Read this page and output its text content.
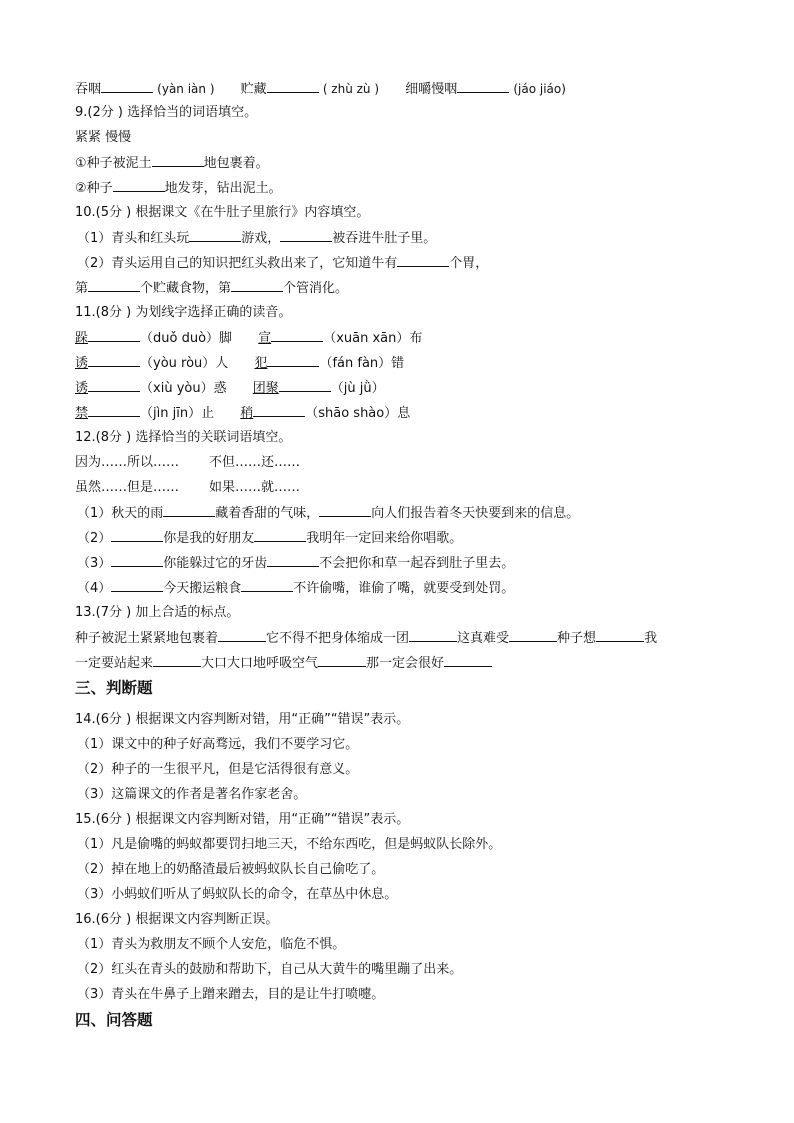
吞咽	(yàn iàn ) 贮藏	( zhù zù ) 细嚼慢咽	(jáo jiáo)
9.(2分 ) 选择恰当的词语填空。
紧紧 慢慢
①种子被泥土	地包裹着。
②种子	地发芽，钻出泥土。
10.(5分 ) 根据课文《在牛肚子里旅行》内容填空。
（1）青头和红头玩	游戏，	被吞进牛肚子里。
（2）青头运用自己的知识把红头救出来了，它知道牛有	个胃，
第	个贮藏食物，第	个管消化。
11.(8分 ) 为划线字选择正确的读音。
跺	（duǒ duò）脚 宣	（xuān xān）布
诱	（yòu ròu）人 犯	（fán fàn）错
诱	（xiù yòu）惑 团聚	（jù jǜ）
禁	（jìn jīn）止 稍	（shāo shào）息
12.(8分 ) 选择恰当的关联词语填空。
因为……所以…… 不但……还……
虽然……但是…… 如果……就……
（1）秋天的雨	藏着香甜的气味，	向人们报告着冬天快要到来的信息。
（2）	你是我的好朋友	我明年一定回来给你唱歌。
（3）	你能躲过它的牙齿	不会把你和草一起吞到肚子里去。
（4）	今天搬运粮食	不许偷嘴，谁偷了嘴，就要受到处罚。
13.(7分 ) 加上合适的标点。
种子被泥土紧紧地包裹着	它不得不把身体缩成一团	这真难受	种子想	我
一定要站起来	大口大口地呼吸空气	那一定会很好
三、判断题
14.(6分 ) 根据课文内容判断对错，用“正确”“错误”表示。
（1）课文中的种子好高骛远，我们不要学习它。
（2）种子的一生很平凡，但是它活得很有意义。
（3）这篇课文的作者是著名作家老舍。
15.(6分 ) 根据课文内容判断对错，用“正确”“错误”表示。
（1）凡是偷嘴的蚂蚁都要罚扫地三天，不给东西吃，但是蚂蚁队长除外。
（2）掉在地上的奶酪渣最后被蚂蚁队长自己偷吃了。
（3）小蚂蚁们听从了蚂蚁队长的命令，在草丛中休息。
16.(6分 ) 根据课文内容判断正误。
（1）青头为救朋友不顾个人安危，临危不惧。
（2）红头在青头的鼓励和帮助下，自己从大黄牛的嘴里蹦了出来。
（3）青头在牛鼻子上蹭来蹭去，目的是让牛打喷嚏。
四、问答题
